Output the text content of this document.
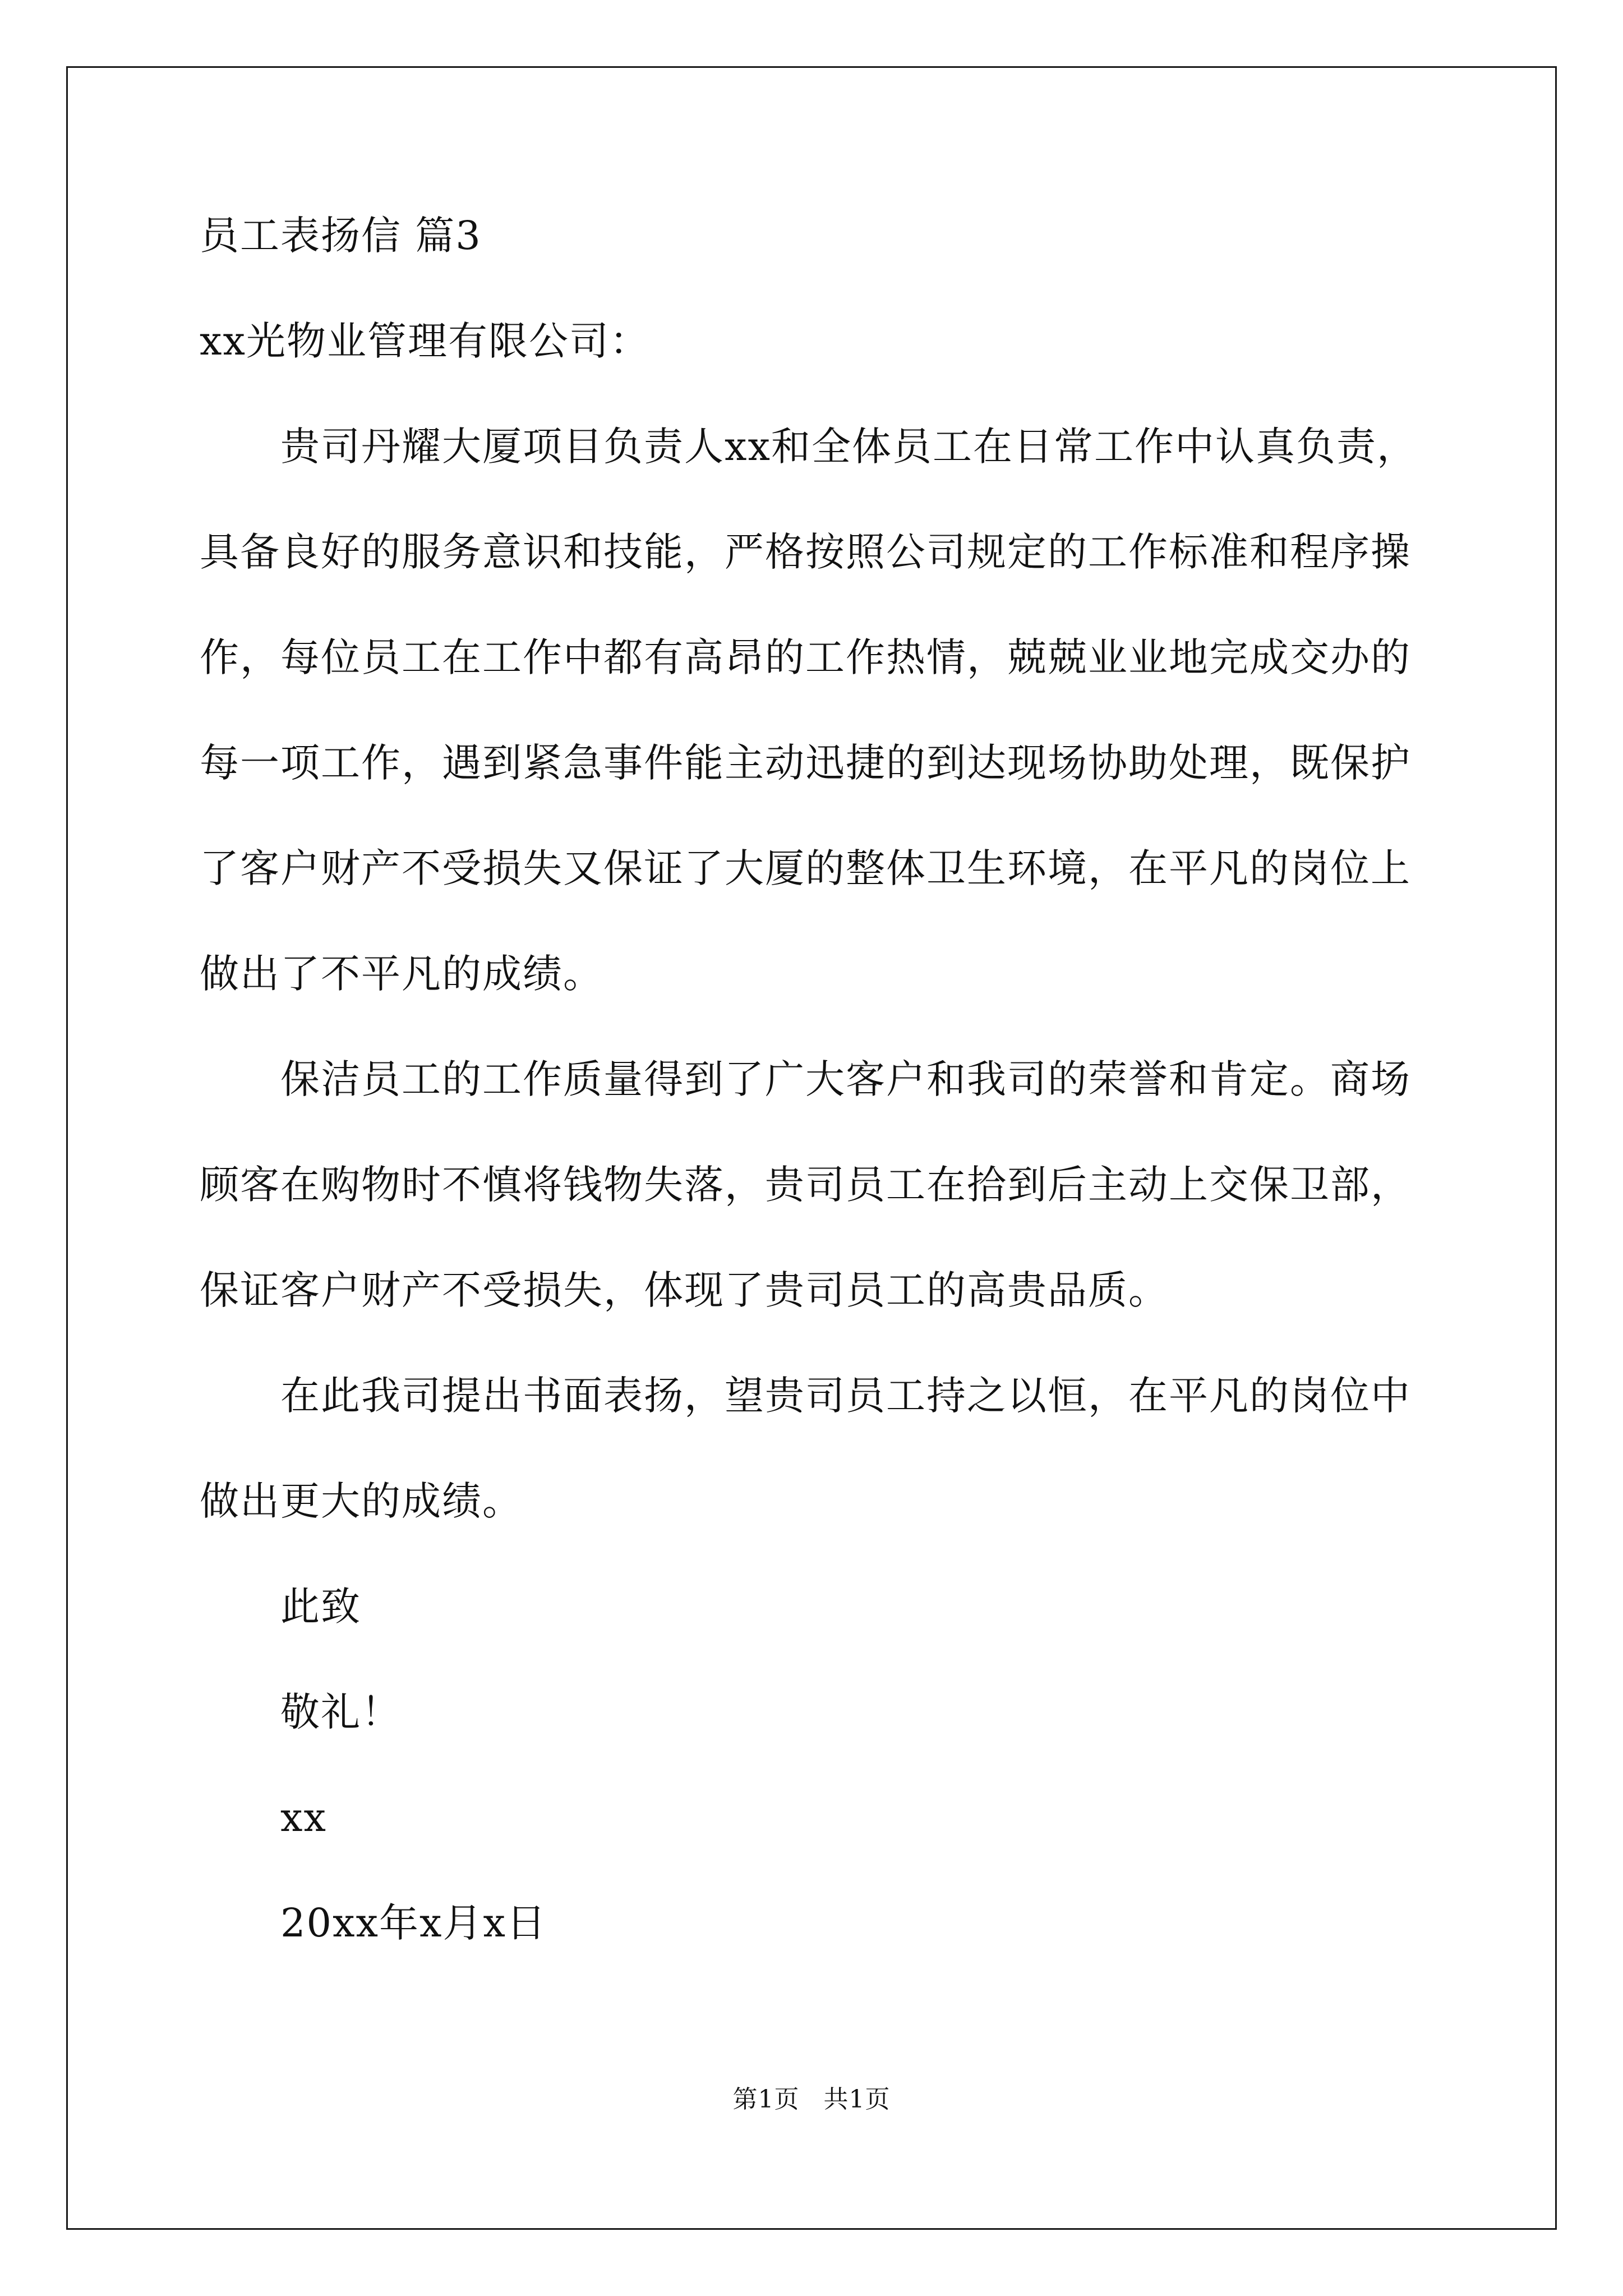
员工表扬信 篇3
xx光物业管理有限公司：
　　贵司丹耀大厦项目负责人xx和全体员工在日常工作中认真负责，
具备良好的服务意识和技能，严格按照公司规定的工作标准和程序操
作，每位员工在工作中都有高昂的工作热情，兢兢业业地完成交办的
每一项工作，遇到紧急事件能主动迅捷的到达现场协助处理，既保护
了客户财产不受损失又保证了大厦的整体卫生环境，在平凡的岗位上
做出了不平凡的成绩。
　　保洁员工的工作质量得到了广大客户和我司的荣誉和肯定。商场
顾客在购物时不慎将钱物失落，贵司员工在拾到后主动上交保卫部，
保证客户财产不受损失，体现了贵司员工的高贵品质。
　　在此我司提出书面表扬，望贵司员工持之以恒，在平凡的岗位中
做出更大的成绩。
　　此致
　　敬礼！
　　xx
　　20xx年x月x日
第1页 共1页
